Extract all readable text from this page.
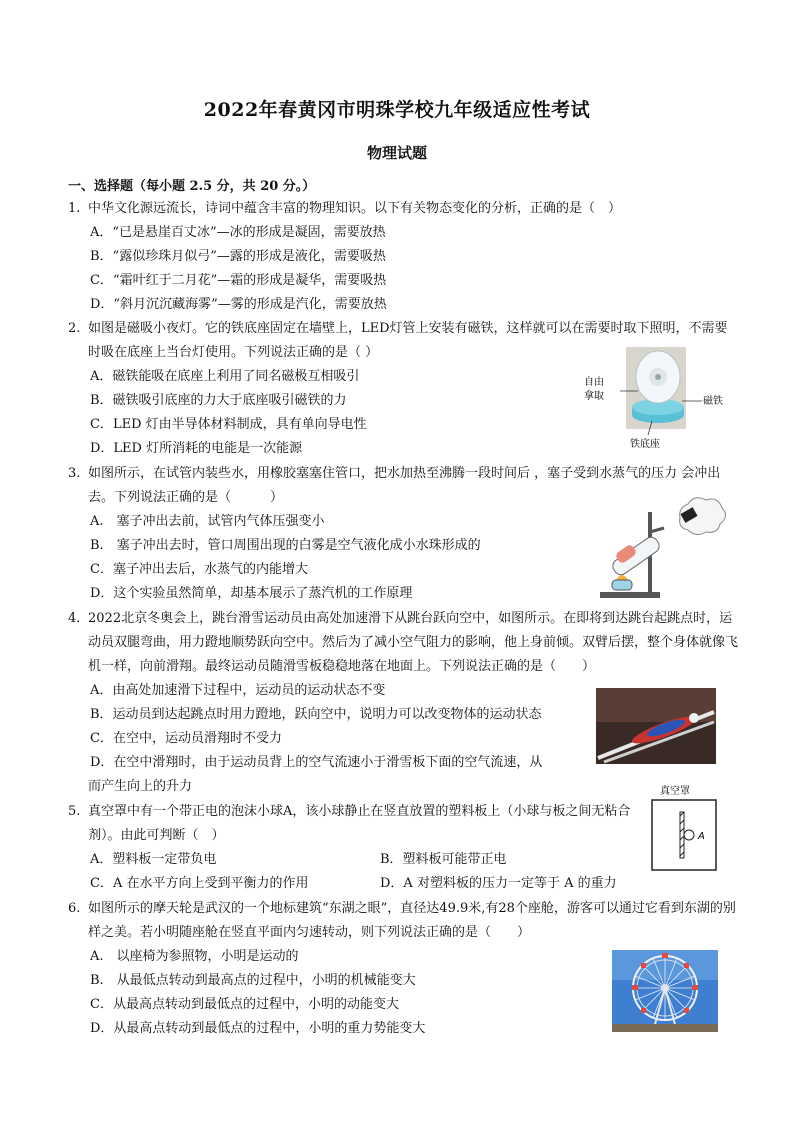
2022年春黄冈市明珠学校九年级适应性考试
物理试题
一、选择题（每小题 2.5 分，共 20 分。）
1. 中华文化源远流长，诗词中蕴含丰富的物理知识。以下有关物态变化的分析，正确的是（　）
A．“已是悬崖百丈冰”—冰的形成是凝固，需要放热
B．“露似珍珠月似弓”—露的形成是液化，需要吸热
C．“霜叶红于二月花”—霜的形成是凝华，需要吸热
D．“斜月沉沉藏海雾”—雾的形成是汽化，需要放热
2. 如图是磁吸小夜灯。它的铁底座固定在墙壁上，LED灯管上安装有磁铁，这样就可以在需要时取下照明，不需要时吸在底座上当台灯使用。下列说法正确的是（ ）
A．磁铁能吸在底座上利用了同名磁极互相吸引
B．磁铁吸引底座的力大于底座吸引磁铁的力
C．LED 灯由半导体材料制成，具有单向导电性
D．LED 灯所消耗的电能是一次能源
自由
拿取	磁铁
铁底座
3. 如图所示，在试管内装些水，用橡胶塞塞住管口，把水加热至沸腾一段时间后 ，塞子受到水蒸气的压力 会冲出去。下列说法正确的是（　　　）
A.　塞子冲出去前，试管内气体压强变小
B.　塞子冲出去时，管口周围出现的白雾是空气液化成小水珠形成的
C．塞子冲出去后，水蒸气的内能增大
D．这个实验虽然简单，却基本展示了蒸汽机的工作原理
4．
2022北京冬奥会上，跳台滑雪运动员由高处加速滑下从跳台跃向空中，如图所示。在即将到达跳台起跳点时，运动员双腿弯曲，用力蹬地顺势跃向空中。然后为了减小空气阻力的影响，他上身前倾。双臂后摆，整个身体就像飞机一样，向前滑翔。最终运动员随滑雪板稳稳地落在地面上。下列说法正确的是（　　）
A．由高处加速滑下过程中，运动员的运动状态不变
B．运动员到达起跳点时用力蹬地，跃向空中，说明力可以改变物体的运动状态
C．在空中，运动员滑翔时不受力
D．在空中滑翔时，由于运动员背上的空气流速小于滑雪板下面的空气流速，从
而产生向上的升力
5. 真空罩中有一个带正电的泡沫小球A，该小球静止在竖直放置的塑料板上（小球与板之间无粘合剂）。由此可判断（　）
A．塑料板一定带负电	B．塑料板可能带正电
C．A 在水平方向上受到平衡力的作用	D．A 对塑料板的压力一定等于 A 的重力
真空罩
A
6. 如图所示的摩天轮是武汉的一个地标建筑“东湖之眼”，直径达49.9米,有28个座舱，游客可以通过它看到东湖的别样之美。若小明随座舱在竖直平面内匀速转动，则下列说法正确的是（　　）
A.　以座椅为参照物，小明是运动的
B.　从最低点转动到最高点的过程中，小明的机械能变大
C．从最高点转动到最低点的过程中，小明的动能变大
D．从最高点转动到最低点的过程中，小明的重力势能变大
